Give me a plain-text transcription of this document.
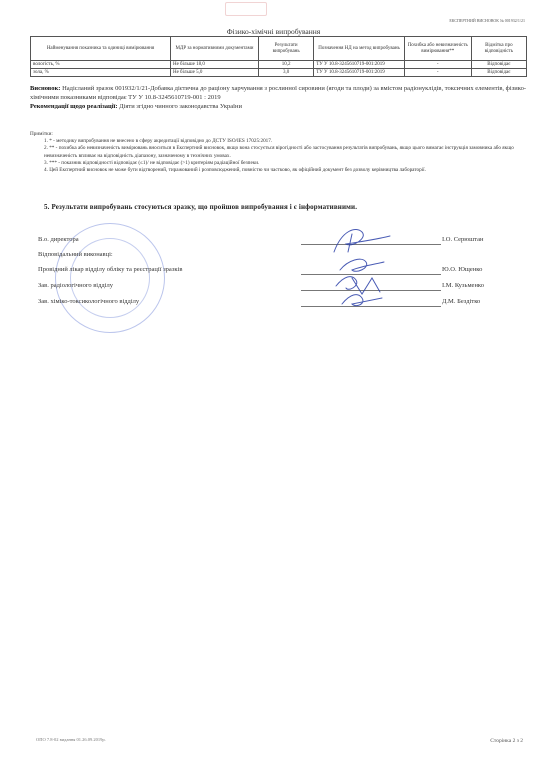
ЕКСПЕРТНИЙ ВИСНОВОК № 001932/1/21
Фізико-хімічні випробування
Найменування показника та одиниці вимірювання	МДР за нормативними документами	Результати випробувань	Позначення НД на метод випробувань	Похибка або невизначеність вимірювання**	Відмітка про відповідність
вологість, %	Не більше 18,0	10,2	ТУ У 10.8-3245610719-001:2019	-	Відповідає
зола, %	Не більше 5,0	3,0	ТУ У 10.8-3245610719-001:2019	-	Відповідає
Висновок: Надісланий зразок 001932/1/21-Добавка дієтична до раціону харчування з рослинної сировини (ягоди та плоди) за вмістом радіонуклідів, токсичних елементів, фізико-хімічними показниками відповідає ТУ У 10.8-3245610719-001 : 2019
Рекомендації щодо реалізації: Діяти згідно чинного законодавства України
Примітки:
1. * - методику випробування не внесено в сферу акредитації відповідно до ДСТУ ISO/IES 17025:2017.
2. ** - похибка або невизначеність вимірювань вноситься в Експертний висновок, якщо вона стосується вірогідності або застосування результатів випробувань, якщо цього вимагає інструкція замовника або якщо невизначеність впливає на відповідність діапазону, зазначеному в технічних умовах.
3. *** - показник відповідності відповідає (≤1)/ не відповідає (>1) критеріям радіаційної безпеки.
4. Цей Експертний висновок не може бути відтворений, тиражований і розповсюджений, повністю чи частково, як офіційний документ без дозволу керівництва лабораторії.
5. Результати випробувань стосуються зразку, що пройшов випробування і є інформативними.
В.о. директора	І.О. Серюштан
Відповідальний виконавці:
Провідний лікар відділу обліку та реєстрації зразків	Ю.О. Ющенко
Зав. радіологічного відділу	І.М. Кузьменко
Зав. хіміко-токсикологічного відділу	Д.М. Бездітко
ОПО 7.8-02 видання 01.26.09.2019р.	Сторінка 2 з 2
